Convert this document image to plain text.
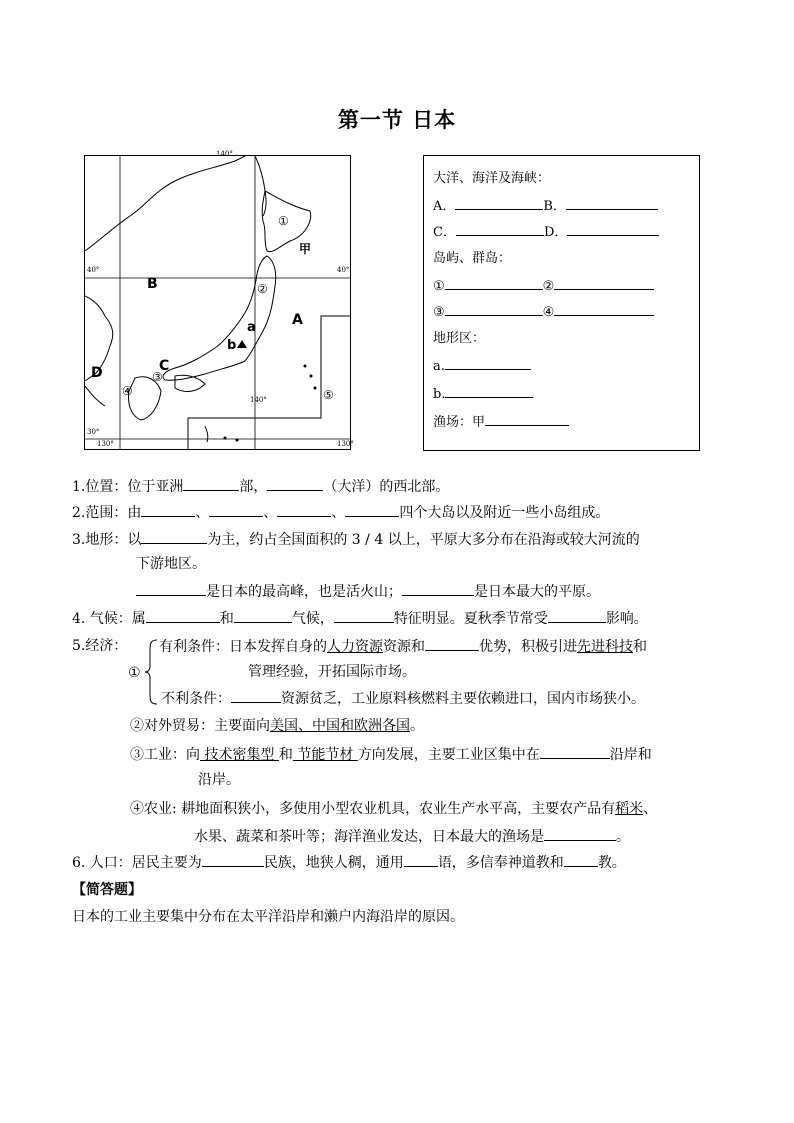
第一节 日本
140°
140°
40°	40°
30°
130°	130°
A
B
C
D
a
b
甲
①
②
③
④	⑤
大洋、海洋及海峡：
A．	B．
C．	D．
岛屿、群岛：
①	②
③	④
地形区：
a.
b.
渔场：甲
1.位置：位于亚洲	部，	（大洋）的西北部。
2.范围：由	、	、	、	四个大岛以及附近一些小岛组成。
3.地形：以	为主，约占全国面积的 3 / 4 以上，平原大多分布在沿海或较大河流的
下游地区。
是日本的最高峰，也是活火山；	是日本最大的平原。
4. 气候：属	和	气候，	特征明显。夏秋季节常受	影响。
5.经济：
①
有利条件：日本发挥自身的人力资源资源和	优势，积极引进先进科技和
管理经验，开拓国际市场。
不利条件：	资源贫乏，工业原料核燃料主要依赖进口，国内市场狭小。
②对外贸易：主要面向美国、中国和欧洲各国。
③工业：向 技术密集型 和 节能节材 方向发展，主要工业区集中在	沿岸和
沿岸。
④农业: 耕地面积狭小，多使用小型农业机具，农业生产水平高，主要农产品有稻米、
水果、蔬菜和茶叶等；海洋渔业发达，日本最大的渔场是	。
6. 人口：居民主要为	民族，地狭人稠，通用 语，多信奉神道教和 教。
【简答题】
日本的工业主要集中分布在太平洋沿岸和濑户内海沿岸的原因。
